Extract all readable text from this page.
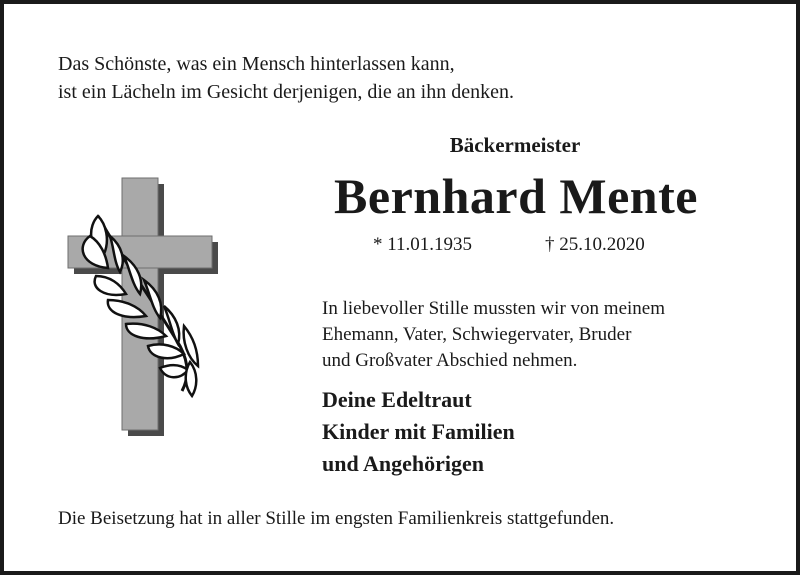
Das Schönste, was ein Mensch hinterlassen kann,
ist ein Lächeln im Gesicht derjenigen, die an ihn denken.
Bäckermeister
Bernhard Mente
* 11.01.1935	† 25.10.2020
In liebevoller Stille mussten wir von meinem
Ehemann, Vater, Schwiegervater, Bruder
und Großvater Abschied nehmen.
Deine Edeltraut
Kinder mit Familien
und Angehörigen
Die Beisetzung hat in aller Stille im engsten Familienkreis stattgefunden.
